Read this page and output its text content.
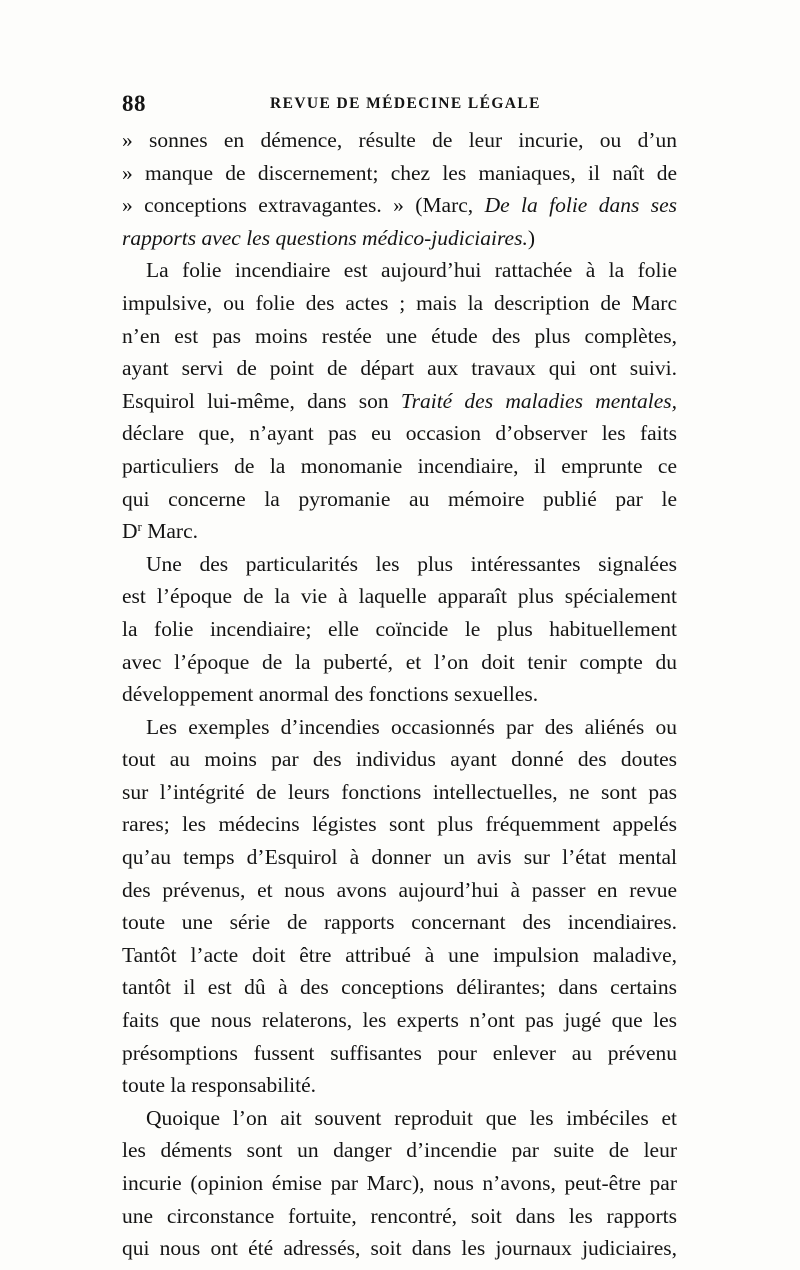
88	REVUE DE MÉDECINE LÉGALE
» sonnes en démence, résulte de leur incurie, ou d’un
» manque de discernement; chez les maniaques, il naît de
» conceptions extravagantes. » (Marc, De la folie dans ses
rapports avec les questions médico-judiciaires.)
La folie incendiaire est aujourd’hui rattachée à la folie
impulsive, ou folie des actes ; mais la description de Marc
n’en est pas moins restée une étude des plus complètes,
ayant servi de point de départ aux travaux qui ont suivi.
Esquirol lui-même, dans son Traité des maladies mentales,
déclare que, n’ayant pas eu occasion d’observer les faits
particuliers de la monomanie incendiaire, il emprunte ce
qui concerne la pyromanie au mémoire publié par le
$D^r$ Marc.
Une des particularités les plus intéressantes signalées
est l’époque de la vie à laquelle apparaît plus spécialement
la folie incendiaire; elle coïncide le plus habituellement
avec l’époque de la puberté, et l’on doit tenir compte du
développement anormal des fonctions sexuelles.
Les exemples d’incendies occasionnés par des aliénés ou
tout au moins par des individus ayant donné des doutes
sur l’intégrité de leurs fonctions intellectuelles, ne sont pas
rares; les médecins légistes sont plus fréquemment appelés
qu’au temps d’Esquirol à donner un avis sur l’état mental
des prévenus, et nous avons aujourd’hui à passer en revue
toute une série de rapports concernant des incendiaires.
Tantôt l’acte doit être attribué à une impulsion maladive,
tantôt il est dû à des conceptions délirantes; dans certains
faits que nous relaterons, les experts n’ont pas jugé que les
présomptions fussent suffisantes pour enlever au prévenu
toute la responsabilité.
Quoique l’on ait souvent reproduit que les imbéciles et
les déments sont un danger d’incendie par suite de leur
incurie (opinion émise par Marc), nous n’avons, peut-être par
une circonstance fortuite, rencontré, soit dans les rapports
qui nous ont été adressés, soit dans les journaux judiciaires,
